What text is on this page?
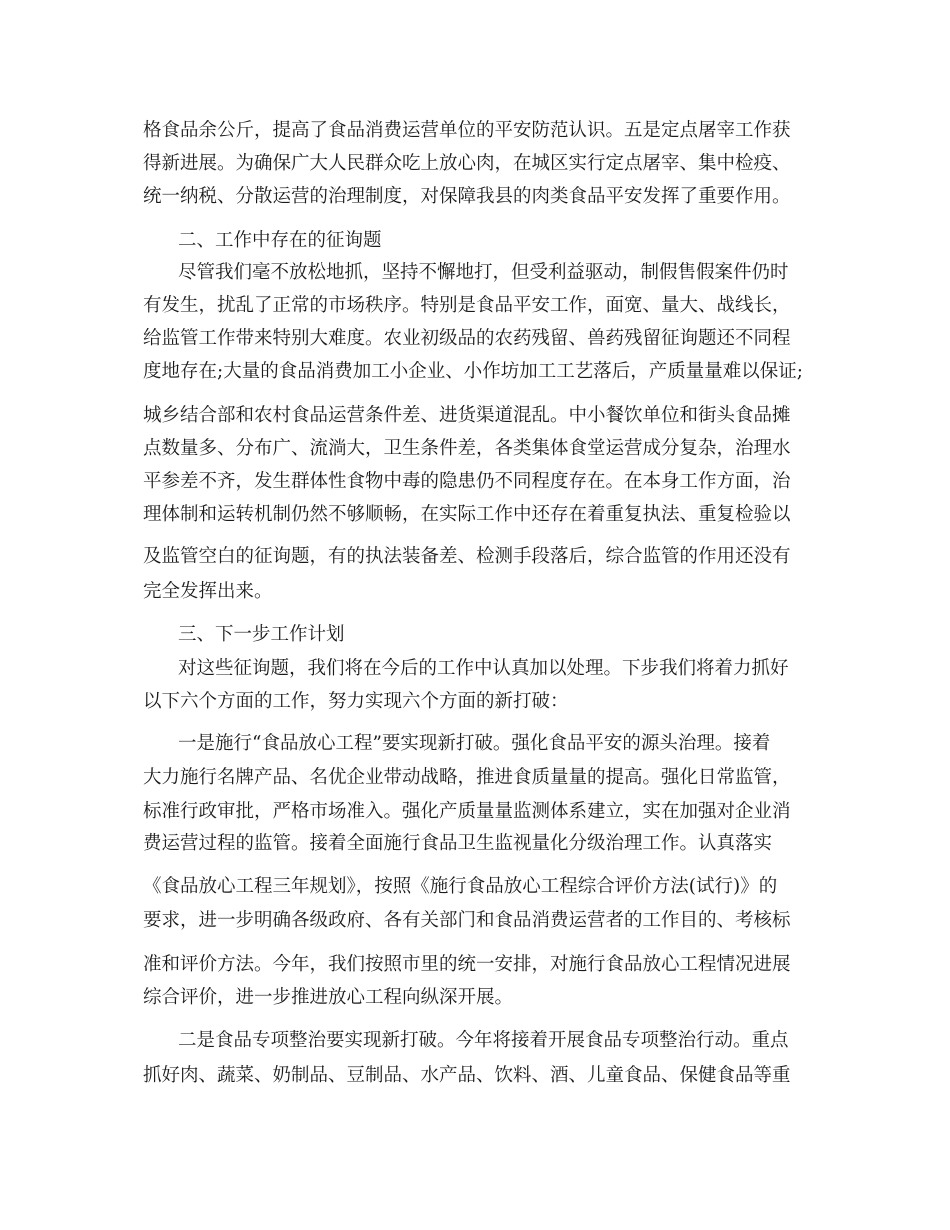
格食品余公斤，提高了食品消费运营单位的平安防范认识。五是定点屠宰工作获
得新进展。为确保广大人民群众吃上放心肉，在城区实行定点屠宰、集中检疫、
统一纳税、分散运营的治理制度，对保障我县的肉类食品平安发挥了重要作用。
二、工作中存在的征询题
尽管我们毫不放松地抓，坚持不懈地打，但受利益驱动，制假售假案件仍时
有发生，扰乱了正常的市场秩序。特别是食品平安工作，面宽、量大、战线长，
给监管工作带来特别大难度。农业初级品的农药残留、兽药残留征询题还不同程
度地存在;大量的食品消费加工小企业、小作坊加工工艺落后，产质量量难以保证;
城乡结合部和农村食品运营条件差、进货渠道混乱。中小餐饮单位和街头食品摊
点数量多、分布广、流淌大，卫生条件差，各类集体食堂运营成分复杂，治理水
平参差不齐，发生群体性食物中毒的隐患仍不同程度存在。在本身工作方面，治
理体制和运转机制仍然不够顺畅，在实际工作中还存在着重复执法、重复检验以
及监管空白的征询题，有的执法装备差、检测手段落后，综合监管的作用还没有
完全发挥出来。
三、下一步工作计划
对这些征询题，我们将在今后的工作中认真加以处理。下步我们将着力抓好
以下六个方面的工作，努力实现六个方面的新打破：
一是施行“食品放心工程”要实现新打破。强化食品平安的源头治理。接着
大力施行名牌产品、名优企业带动战略，推进食质量量的提高。强化日常监管，
标准行政审批，严格市场准入。强化产质量量监测体系建立，实在加强对企业消
费运营过程的监管。接着全面施行食品卫生监视量化分级治理工作。认真落实
《食品放心工程三年规划》，按照《施行食品放心工程综合评价方法(试行)》的
要求，进一步明确各级政府、各有关部门和食品消费运营者的工作目的、考核标
准和评价方法。今年，我们按照市里的统一安排，对施行食品放心工程情况进展
综合评价，进一步推进放心工程向纵深开展。
二是食品专项整治要实现新打破。今年将接着开展食品专项整治行动。重点
抓好肉、蔬菜、奶制品、豆制品、水产品、饮料、酒、儿童食品、保健食品等重
